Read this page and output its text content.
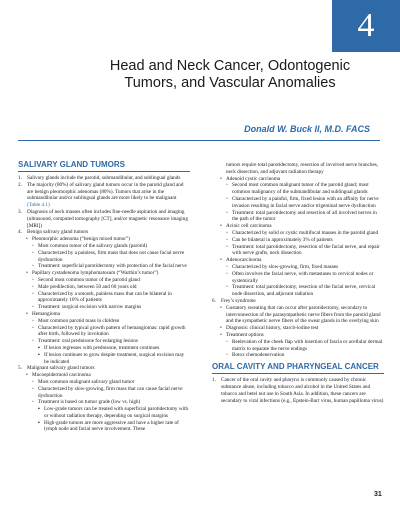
4
Head and Neck Cancer, Odontogenic
Tumors, and Vascular Anomalies
Donald W. Buck II, M.D. FACS
SALIVARY GLAND TUMORS
1. Salivary glands include the parotid, submandibular, and sublingual glands
2. The majority (80%) of salivary gland tumors occur in the parotid gland and are benign pleomorphic adenomas (80%). Tumors that arise in the submandibular and/or sublingual glands are more likely to be malignant (Table 4.1)
3. Diagnosis of neck masses often includes fine-needle aspiration and imaging (ultrasound, computed tomography [CT], and/or magnetic resonance imaging [MRI])
4. Benign salivary gland tumors
• Pleomorphic adenoma (“benign mixed tumor”)
◦ Most common tumor of the salivary glands (parotid)
◦ Characterized by a painless, firm mass that does not cause facial nerve dysfunction
◦ Treatment: superficial parotidectomy with protection of the facial nerve
• Papillary cystadenoma lymphomatosum (“Warthin’s tumor”)
◦ Second most common tumor of the parotid gland
◦ Male predilection, between 50 and 60 years old
◦ Characterized by a smooth, painless mass that can be bilateral in approximately 10% of patients
◦ Treatment: surgical excision with narrow margins
• Hemangioma
◦ Most common parotid mass in children
◦ Characterized by typical growth pattern of hemangiomas: rapid growth after birth, followed by involution
◦ Treatment: oral prednisone for enlarging lesions
▪ If lesion regresses with prednisone, treatment continues
▪ If lesion continues to grow despite treatment, surgical excision may be indicated
5. Malignant salivary gland tumors
• Mucoepidermoid carcinoma
◦ Most common malignant salivary gland tumor
◦ Characterized by slow-growing, firm mass that can cause facial nerve dysfunction
◦ Treatment is based on tumor grade (low vs. high)
▪ Low-grade tumors can be treated with superficial parotidectomy with or without radiation therapy, depending on surgical margins
▪ High-grade tumors are more aggressive and have a higher rate of lymph node and facial nerve involvement. These
tumors require total parotidectomy, resection of involved nerve branches, neck dissection, and adjuvant radiation therapy
• Adenoid cystic carcinoma
◦ Second most common malignant tumor of the parotid gland; most common malignancy of the submandibular and sublingual glands
◦ Characterized by a painful, firm, fixed lesion with an affinity for nerve invasion resulting in facial nerve and/or trigeminal nerve dysfunction
◦ Treatment: total parotidectomy and resection of all involved nerves in the path of the tumor
• Acinic cell carcinoma
◦ Characterized by solid or cystic multifocal masses in the parotid gland
◦ Can be bilateral in approximately 3% of patients
◦ Treatment: total parotidectomy, resection of the facial nerve, and repair with nerve grafts, neck dissection
• Adenocarcinoma
◦ Characterized by slow-growing, firm, fixed masses
◦ Often involves the facial nerve, with metastases to cervical nodes or systemically
◦ Treatment: total parotidectomy, resection of the facial nerve, cervical node dissection, and adjuvant radiation
6. Frey’s syndrome
• Gustatory sweating that can occur after parotidectomy, secondary to interconnection of the parasympathetic nerve fibers from the parotid gland and the sympathetic nerve fibers of the sweat glands in the overlying skin
• Diagnosis: clinical history, starch-iodine test
• Treatment options
◦ Reelevation of the cheek flap with insertion of fascia or acellular dermal matrix to separate the nerve endings
◦ Botox chemodenervation
ORAL CAVITY AND PHARYNGEAL CANCER
1. Cancer of the oral cavity and pharynx is commonly caused by chronic substance abuse, including tobacco and alcohol in the United States and tobacco and betel nut use in South Asia. In addition, these cancers are secondary to viral infections (e.g., Epstein-Barr virus, human papilloma virus)
31
